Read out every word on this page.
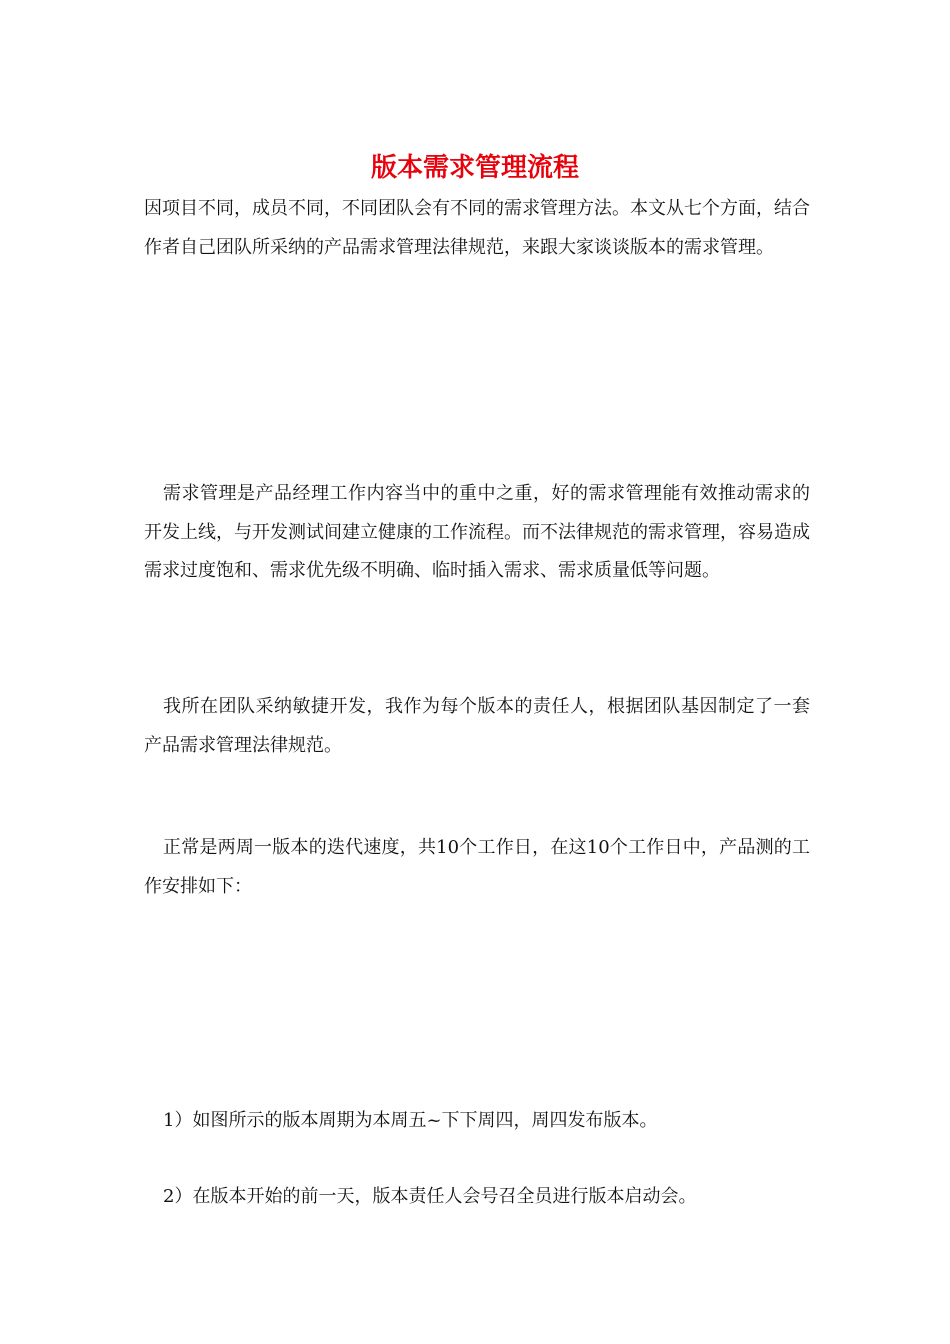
版本需求管理流程

因项目不同，成员不同，不同团队会有不同的需求管理方法。本文从七个方面，结合作者自己团队所采纳的产品需求管理法律规范，来跟大家谈谈版本的需求管理。

需求管理是产品经理工作内容当中的重中之重，好的需求管理能有效推动需求的开发上线，与开发测试间建立健康的工作流程。而不法律规范的需求管理，容易造成需求过度饱和、需求优先级不明确、临时插入需求、需求质量低等问题。

我所在团队采纳敏捷开发，我作为每个版本的责任人，根据团队基因制定了一套产品需求管理法律规范。

正常是两周一版本的迭代速度，共10个工作日，在这10个工作日中，产品测的工作安排如下：

1）如图所示的版本周期为本周五~下下周四，周四发布版本。

2）在版本开始的前一天，版本责任人会号召全员进行版本启动会。
